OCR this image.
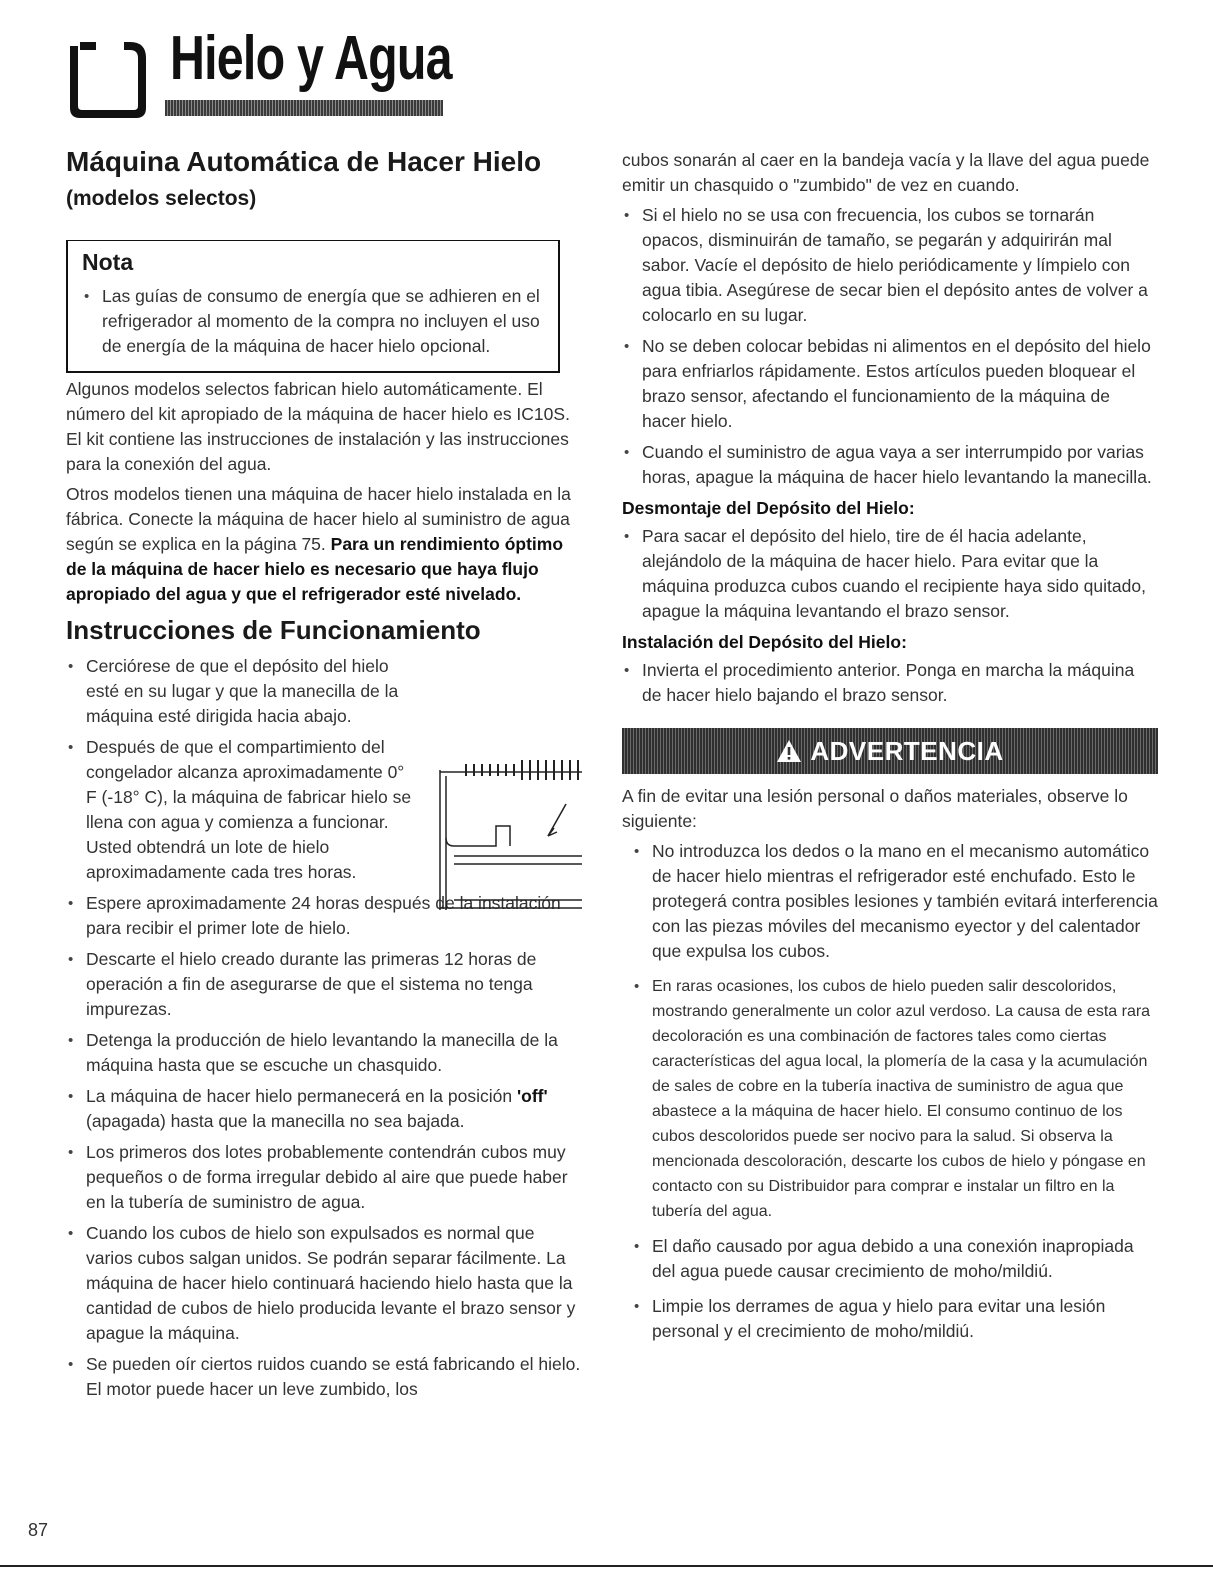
Hielo y Agua
Máquina Automática de Hacer Hielo (modelos selectos)
Nota
• Las guías de consumo de energía que se adhieren en el refrigerador al momento de la compra no incluyen el uso de energía de la máquina de hacer hielo opcional.

Algunos modelos selectos fabrican hielo automáticamente. El número del kit apropiado de la máquina de hacer hielo es IC10S. El kit contiene las instrucciones de instalación y las instrucciones para la conexión del agua.

Otros modelos tienen una máquina de hacer hielo instalada en la fábrica. Conecte la máquina de hacer hielo al suministro de agua según se explica en la página 75. Para un rendimiento óptimo de la máquina de hacer hielo es necesario que haya flujo apropiado del agua y que el refrigerador esté nivelado.

Instrucciones de Funcionamiento
• Cerciórese de que el depósito del hielo esté en su lugar y que la manecilla de la máquina esté dirigida hacia abajo.
• Después de que el compartimiento del congelador alcanza aproximadamente 0° F (-18° C), la máquina de fabricar hielo se llena con agua y comienza a funcionar. Usted obtendrá un lote de hielo aproximadamente cada tres horas.
• Espere aproximadamente 24 horas después de la instalación para recibir el primer lote de hielo.
• Descarte el hielo creado durante las primeras 12 horas de operación a fin de asegurarse de que el sistema no tenga impurezas.
• Detenga la producción de hielo levantando la manecilla de la máquina hasta que se escuche un chasquido.
• La máquina de hacer hielo permanecerá en la posición 'off' (apagada) hasta que la manecilla no sea bajada.
• Los primeros dos lotes probablemente contendrán cubos muy pequeños o de forma irregular debido al aire que puede haber en la tubería de suministro de agua.
• Cuando los cubos de hielo son expulsados es normal que varios cubos salgan unidos. Se podrán separar fácilmente. La máquina de hacer hielo continuará haciendo hielo hasta que la cantidad de cubos de hielo producida levante el brazo sensor y apague la máquina.
• Se pueden oír ciertos ruidos cuando se está fabricando el hielo. El motor puede hacer un leve zumbido, los

cubos sonarán al caer en la bandeja vacía y la llave del agua puede emitir un chasquido o "zumbido" de vez en cuando.

• Si el hielo no se usa con frecuencia, los cubos se tornarán opacos, disminuirán de tamaño, se pegarán y adquirirán mal sabor. Vacíe el depósito de hielo periódicamente y límpielo con agua tibia. Asegúrese de secar bien el depósito antes de volver a colocarlo en su lugar.
• No se deben colocar bebidas ni alimentos en el depósito del hielo para enfriarlos rápidamente. Estos artículos pueden bloquear el brazo sensor, afectando el funcionamiento de la máquina de hacer hielo.
• Cuando el suministro de agua vaya a ser interrumpido por varias horas, apague la máquina de hacer hielo levantando la manecilla.
Desmontaje del Depósito del Hielo:
• Para sacar el depósito del hielo, tire de él hacia adelante, alejándolo de la máquina de hacer hielo. Para evitar que la máquina produzca cubos cuando el recipiente haya sido quitado, apague la máquina levantando el brazo sensor.
Instalación del Depósito del Hielo:
• Invierta el procedimiento anterior. Ponga en marcha la máquina de hacer hielo bajando el brazo sensor.
ADVERTENCIA

A fin de evitar una lesión personal o daños materiales, observe lo siguiente:

• No introduzca los dedos o la mano en el mecanismo automático de hacer hielo mientras el refrigerador esté enchufado. Esto le protegerá contra posibles lesiones y también evitará interferencia con las piezas móviles del mecanismo eyector y del calentador que expulsa los cubos.
• En raras ocasiones, los cubos de hielo pueden salir descoloridos, mostrando generalmente un color azul verdoso. La causa de esta rara decoloración es una combinación de factores tales como ciertas características del agua local, la plomería de la casa y la acumulación de sales de cobre en la tubería inactiva de suministro de agua que abastece a la máquina de hacer hielo. El consumo continuo de los cubos descoloridos puede ser nocivo para la salud. Si observa la mencionada descoloración, descarte los cubos de hielo y póngase en contacto con su Distribuidor para comprar e instalar un filtro en la tubería del agua.
• El daño causado por agua debido a una conexión inapropiada del agua puede causar crecimiento de moho/mildiú.
• Limpie los derrames de agua y hielo para evitar una lesión personal y el crecimiento de moho/mildiú.
87
